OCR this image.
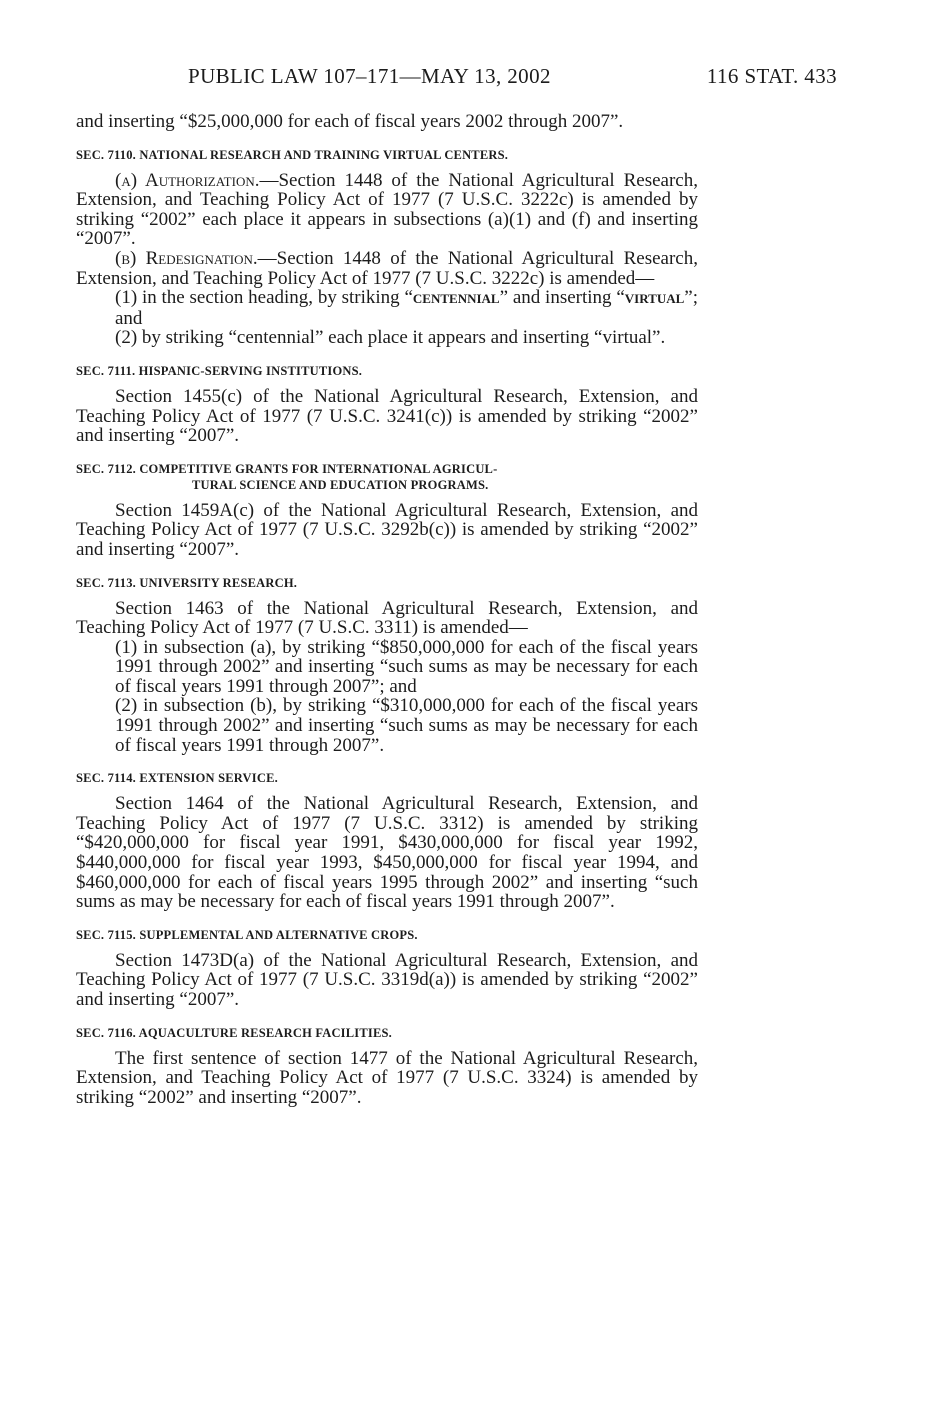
PUBLIC LAW 107–171—MAY 13, 2002	116 STAT. 433

and inserting “$25,000,000 for each of fiscal years 2002 through 2007”.

SEC. 7110. NATIONAL RESEARCH AND TRAINING VIRTUAL CENTERS.

(a) Authorization.—Section 1448 of the National Agricultural Research, Extension, and Teaching Policy Act of 1977 (7 U.S.C. 3222c) is amended by striking “2002” each place it appears in subsections (a)(1) and (f) and inserting “2007”.

(b) Redesignation.—Section 1448 of the National Agricultural Research, Extension, and Teaching Policy Act of 1977 (7 U.S.C. 3222c) is amended—

(1) in the section heading, by striking “CENTENNIAL” and inserting “VIRTUAL”; and

(2) by striking “centennial” each place it appears and inserting “virtual”.

SEC. 7111. HISPANIC-SERVING INSTITUTIONS.

Section 1455(c) of the National Agricultural Research, Extension, and Teaching Policy Act of 1977 (7 U.S.C. 3241(c)) is amended by striking “2002” and inserting “2007”.

SEC. 7112. COMPETITIVE GRANTS FOR INTERNATIONAL AGRICUL-
TURAL SCIENCE AND EDUCATION PROGRAMS.

Section 1459A(c) of the National Agricultural Research, Extension, and Teaching Policy Act of 1977 (7 U.S.C. 3292b(c)) is amended by striking “2002” and inserting “2007”.

SEC. 7113. UNIVERSITY RESEARCH.

Section 1463 of the National Agricultural Research, Extension, and Teaching Policy Act of 1977 (7 U.S.C. 3311) is amended—

(1) in subsection (a), by striking “$850,000,000 for each of the fiscal years 1991 through 2002” and inserting “such sums as may be necessary for each of fiscal years 1991 through 2007”; and

(2) in subsection (b), by striking “$310,000,000 for each of the fiscal years 1991 through 2002” and inserting “such sums as may be necessary for each of fiscal years 1991 through 2007”.

SEC. 7114. EXTENSION SERVICE.

Section 1464 of the National Agricultural Research, Extension, and Teaching Policy Act of 1977 (7 U.S.C. 3312) is amended by striking “$420,000,000 for fiscal year 1991, $430,000,000 for fiscal year 1992, $440,000,000 for fiscal year 1993, $450,000,000 for fiscal year 1994, and $460,000,000 for each of fiscal years 1995 through 2002” and inserting “such sums as may be necessary for each of fiscal years 1991 through 2007”.

SEC. 7115. SUPPLEMENTAL AND ALTERNATIVE CROPS.

Section 1473D(a) of the National Agricultural Research, Extension, and Teaching Policy Act of 1977 (7 U.S.C. 3319d(a)) is amended by striking “2002” and inserting “2007”.

SEC. 7116. AQUACULTURE RESEARCH FACILITIES.

The first sentence of section 1477 of the National Agricultural Research, Extension, and Teaching Policy Act of 1977 (7 U.S.C. 3324) is amended by striking “2002” and inserting “2007”.
